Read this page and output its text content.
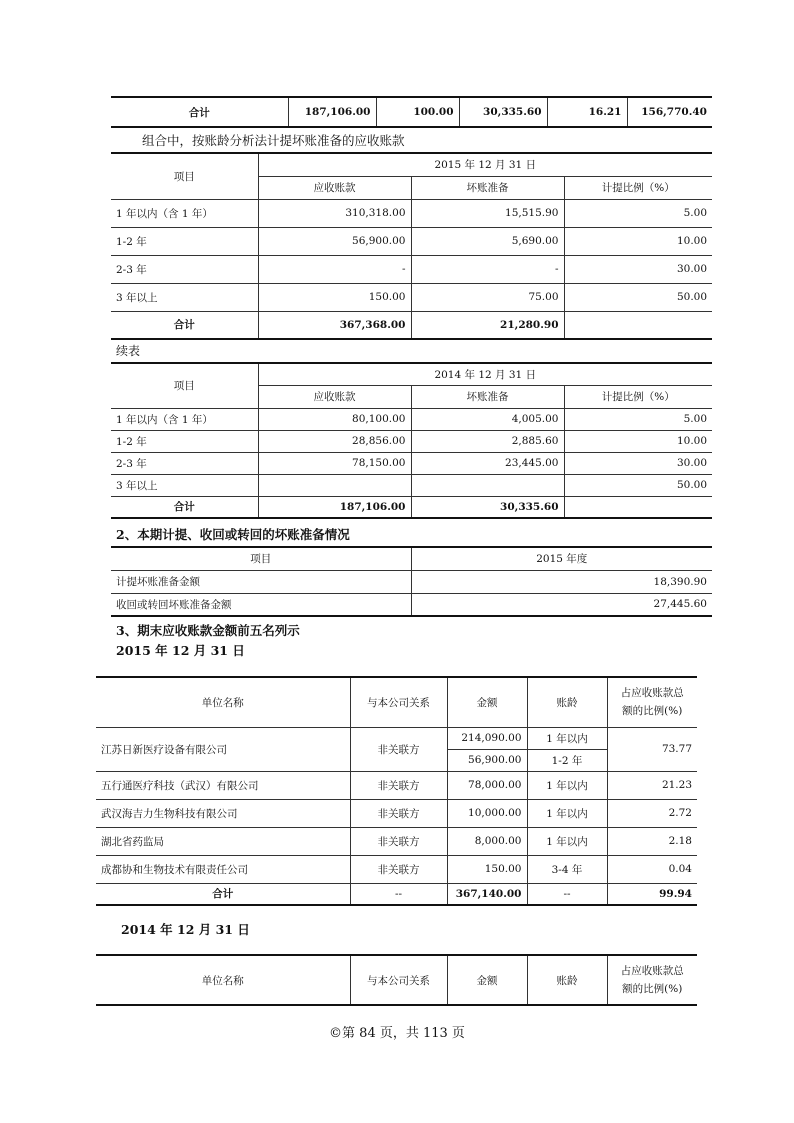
合计	187,106.00	100.00	30,335.60	16.21	156,770.40
组合中，按账龄分析法计提坏账准备的应收账款
项目	2015 年 12 月 31 日		
	应收账款	坏账准备	计提比例（%）
1 年以内（含 1 年）	310,318.00	15,515.90	5.00
1-2 年	56,900.00	5,690.00	10.00
2-3 年	-	-	30.00
3 年以上	150.00	75.00	50.00
合计	367,368.00	21,280.90	
续表
项目	2014 年 12 月 31 日		
	应收账款	坏账准备	计提比例（%）
1 年以内（含 1 年）	80,100.00	4,005.00	5.00
1-2 年	28,856.00	2,885.60	10.00
2-3 年	78,150.00	23,445.00	30.00
3 年以上			50.00
合计	187,106.00	30,335.60	
2、本期计提、收回或转回的坏账准备情况
项目	2015 年度
计提坏账准备金额	18,390.90
收回或转回坏账准备金额	27,445.60
3、期末应收账款金额前五名列示
2015 年 12 月 31 日
单位名称	与本公司关系	金额	账龄	占应收账款总
额的比例(%)
江苏日新医疗设备有限公司	非关联方	214,090.00	1 年以内	73.77
		56,900.00	1-2 年	
五行通医疗科技（武汉）有限公司	非关联方	78,000.00	1 年以内	21.23
武汉海吉力生物科技有限公司	非关联方	10,000.00	1 年以内	2.72
湖北省药监局	非关联方	8,000.00	1 年以内	2.18
成都协和生物技术有限责任公司	非关联方	150.00	3-4 年	0.04
合计	--	367,140.00	--	99.94
2014 年 12 月 31 日
单位名称	与本公司关系	金额	账龄	占应收账款总
额的比例(%)
©第 84 页，共 113 页
